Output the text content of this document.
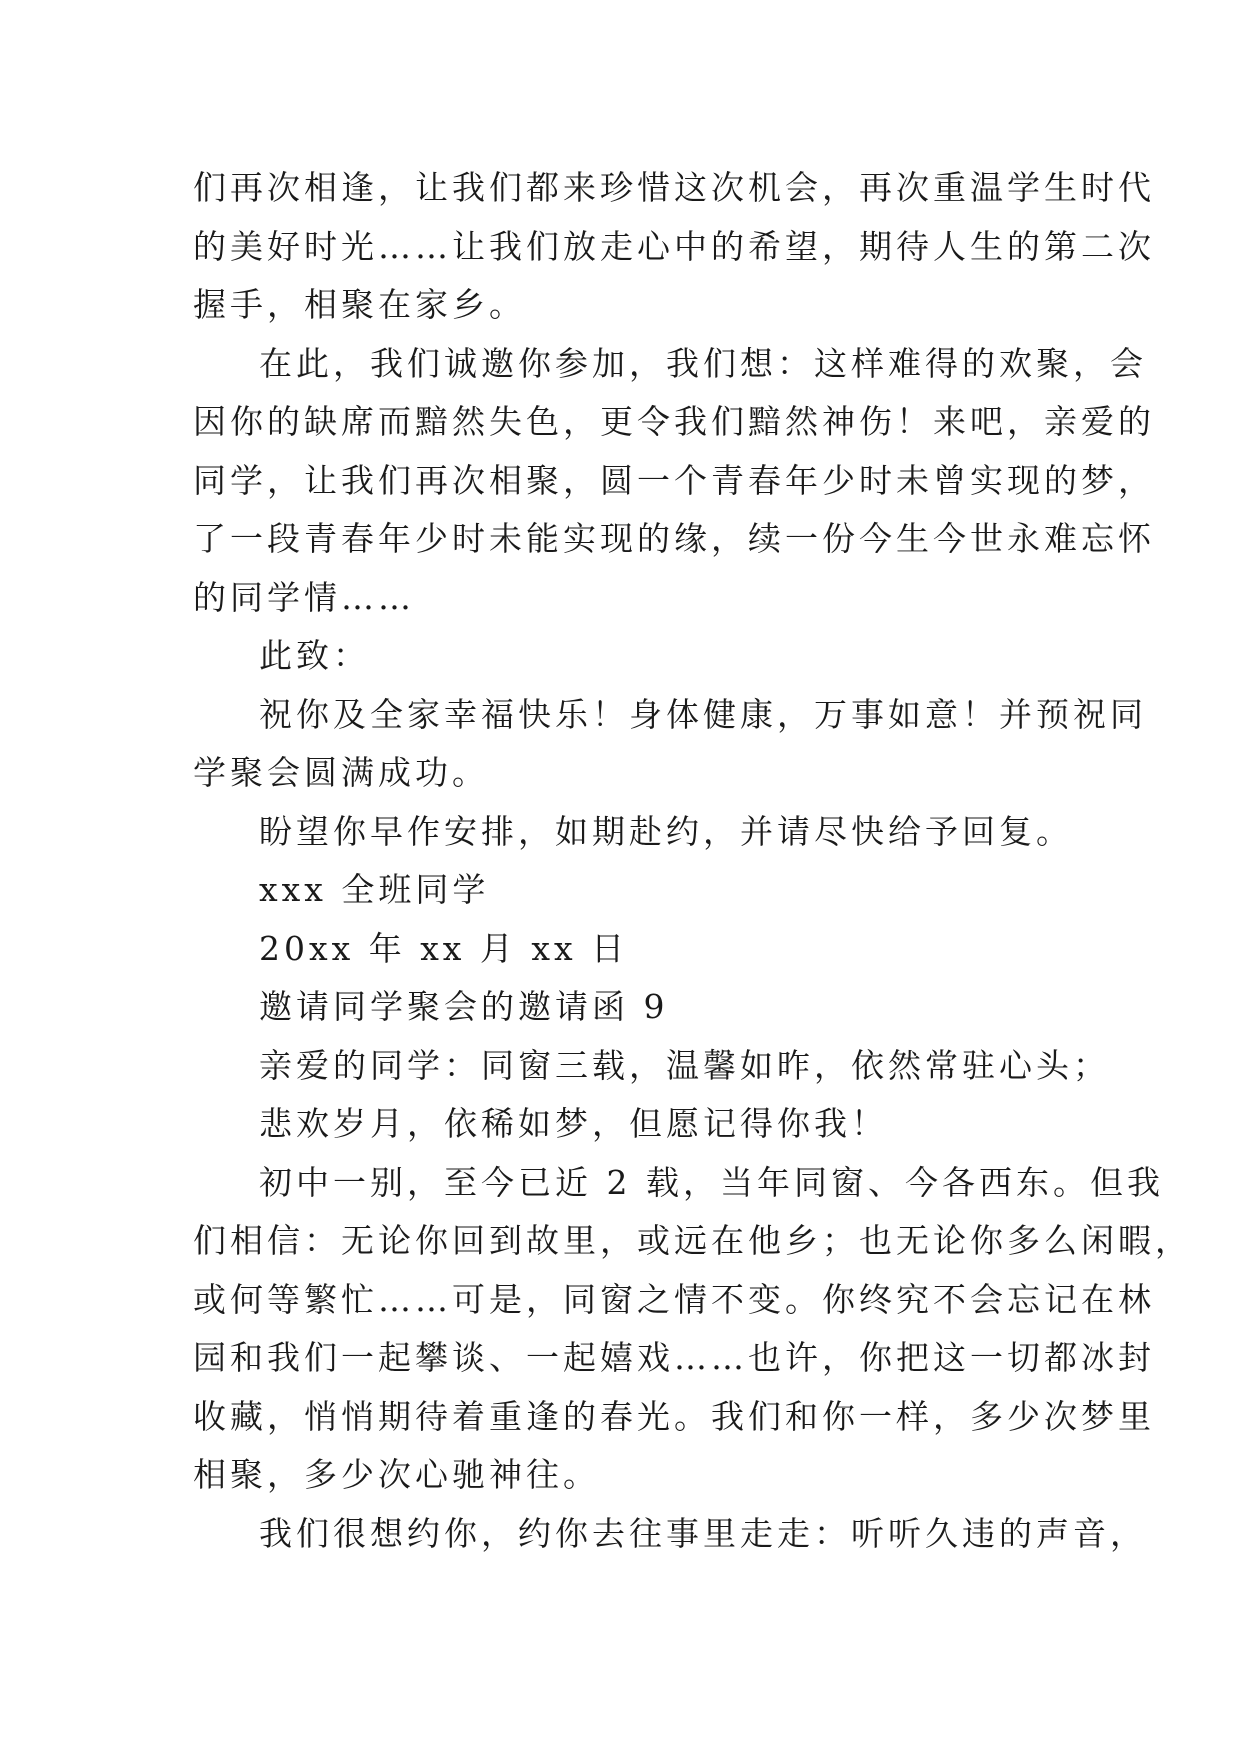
们再次相逢，让我们都来珍惜这次机会，再次重温学生时代
的美好时光……让我们放走心中的希望，期待人生的第二次
握手，相聚在家乡。
在此，我们诚邀你参加，我们想：这样难得的欢聚，会
因你的缺席而黯然失色，更令我们黯然神伤！来吧，亲爱的
同学，让我们再次相聚，圆一个青春年少时未曾实现的梦，
了一段青春年少时未能实现的缘，续一份今生今世永难忘怀
的同学情……
此致：
祝你及全家幸福快乐！身体健康，万事如意！并预祝同
学聚会圆满成功。
盼望你早作安排，如期赴约，并请尽快给予回复。
xxx 全班同学
20xx 年 xx 月 xx 日
邀请同学聚会的邀请函 9
亲爱的同学：同窗三载，温馨如昨，依然常驻心头；
悲欢岁月，依稀如梦，但愿记得你我！
初中一别，至今已近 2 载，当年同窗、今各西东。但我
们相信：无论你回到故里，或远在他乡；也无论你多么闲暇，
或何等繁忙……可是，同窗之情不变。你终究不会忘记在林
园和我们一起攀谈、一起嬉戏……也许，你把这一切都冰封
收藏，悄悄期待着重逢的春光。我们和你一样，多少次梦里
相聚，多少次心驰神往。
我们很想约你，约你去往事里走走：听听久违的声音，
